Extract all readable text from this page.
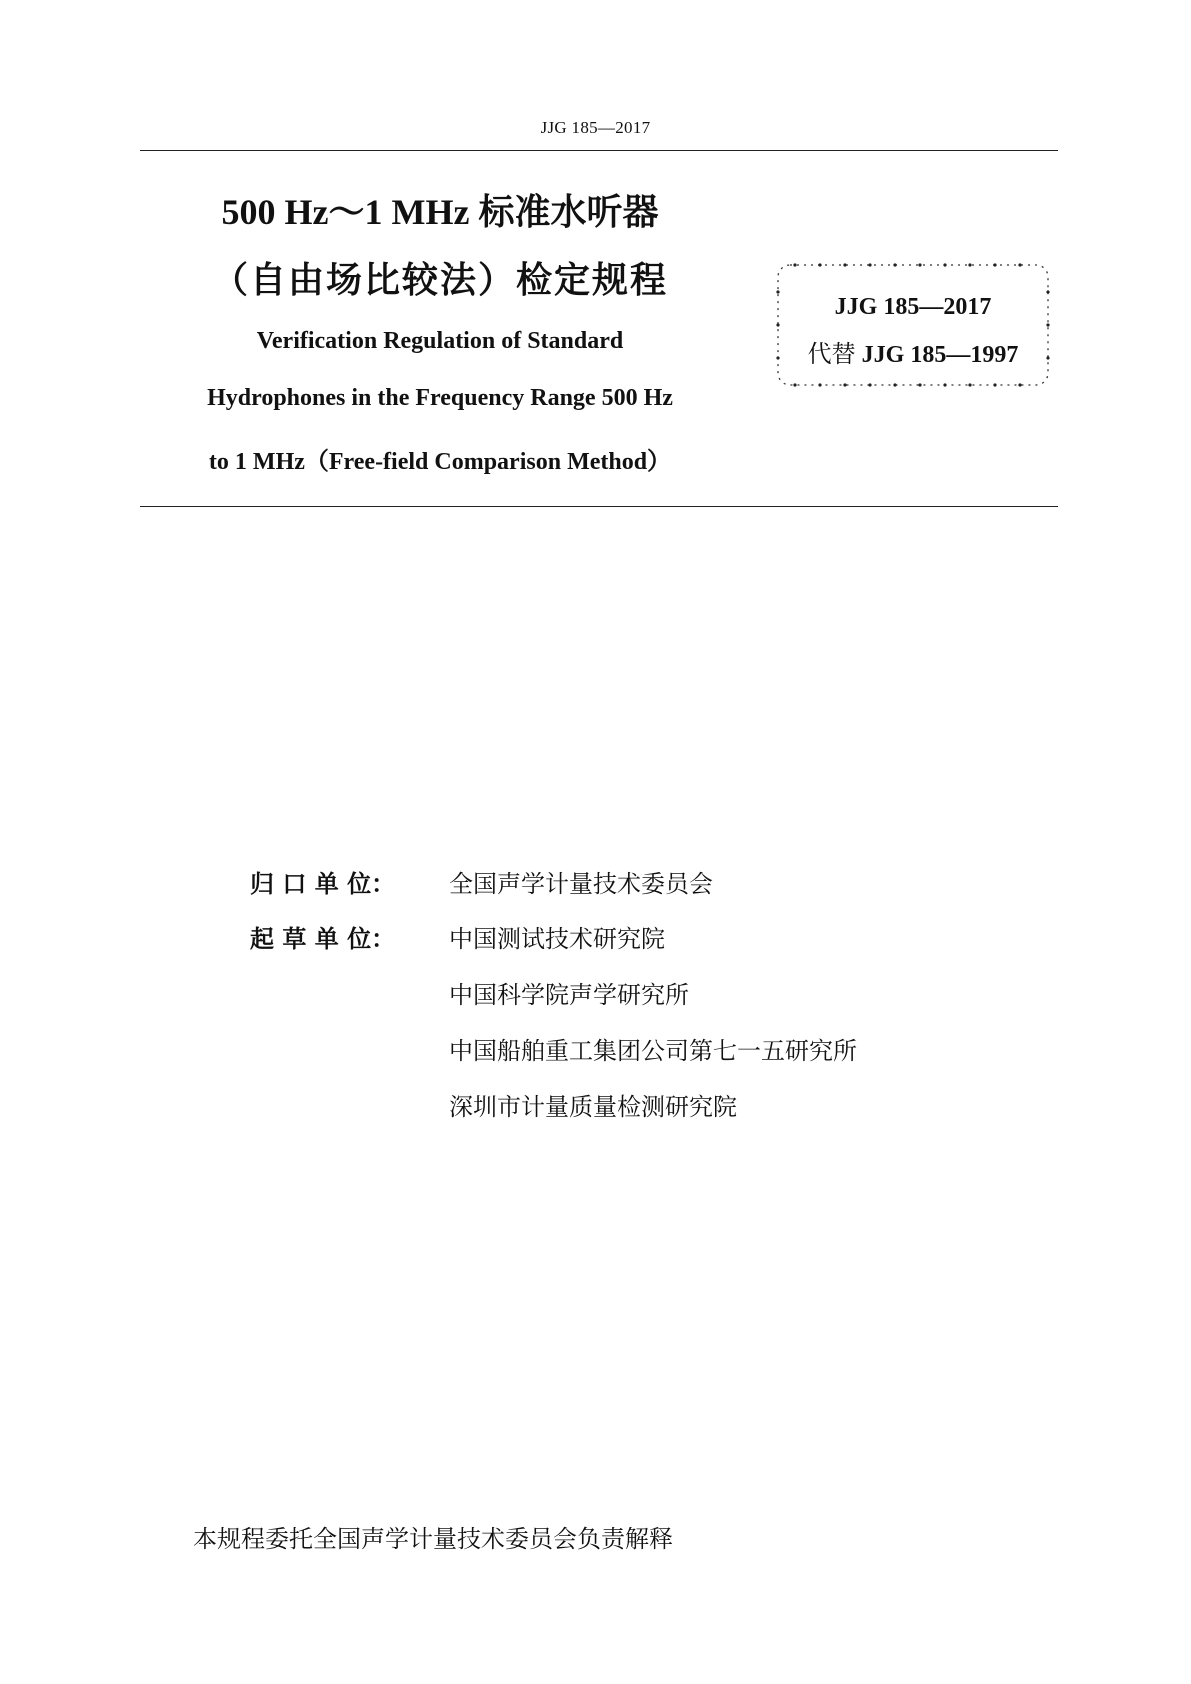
JJG 185—2017
500 Hz～1 MHz 标准水听器
（自由场比较法）检定规程
Verification Regulation of Standard
Hydrophones in the Frequency Range 500 Hz
to 1 MHz（Free-field Comparison Method）
JJG 185—2017
代替 JJG 185—1997
归 口 单 位：	全国声学计量技术委员会
起 草 单 位：	中国测试技术研究院
中国科学院声学研究所
中国船舶重工集团公司第七一五研究所
深圳市计量质量检测研究院
本规程委托全国声学计量技术委员会负责解释
